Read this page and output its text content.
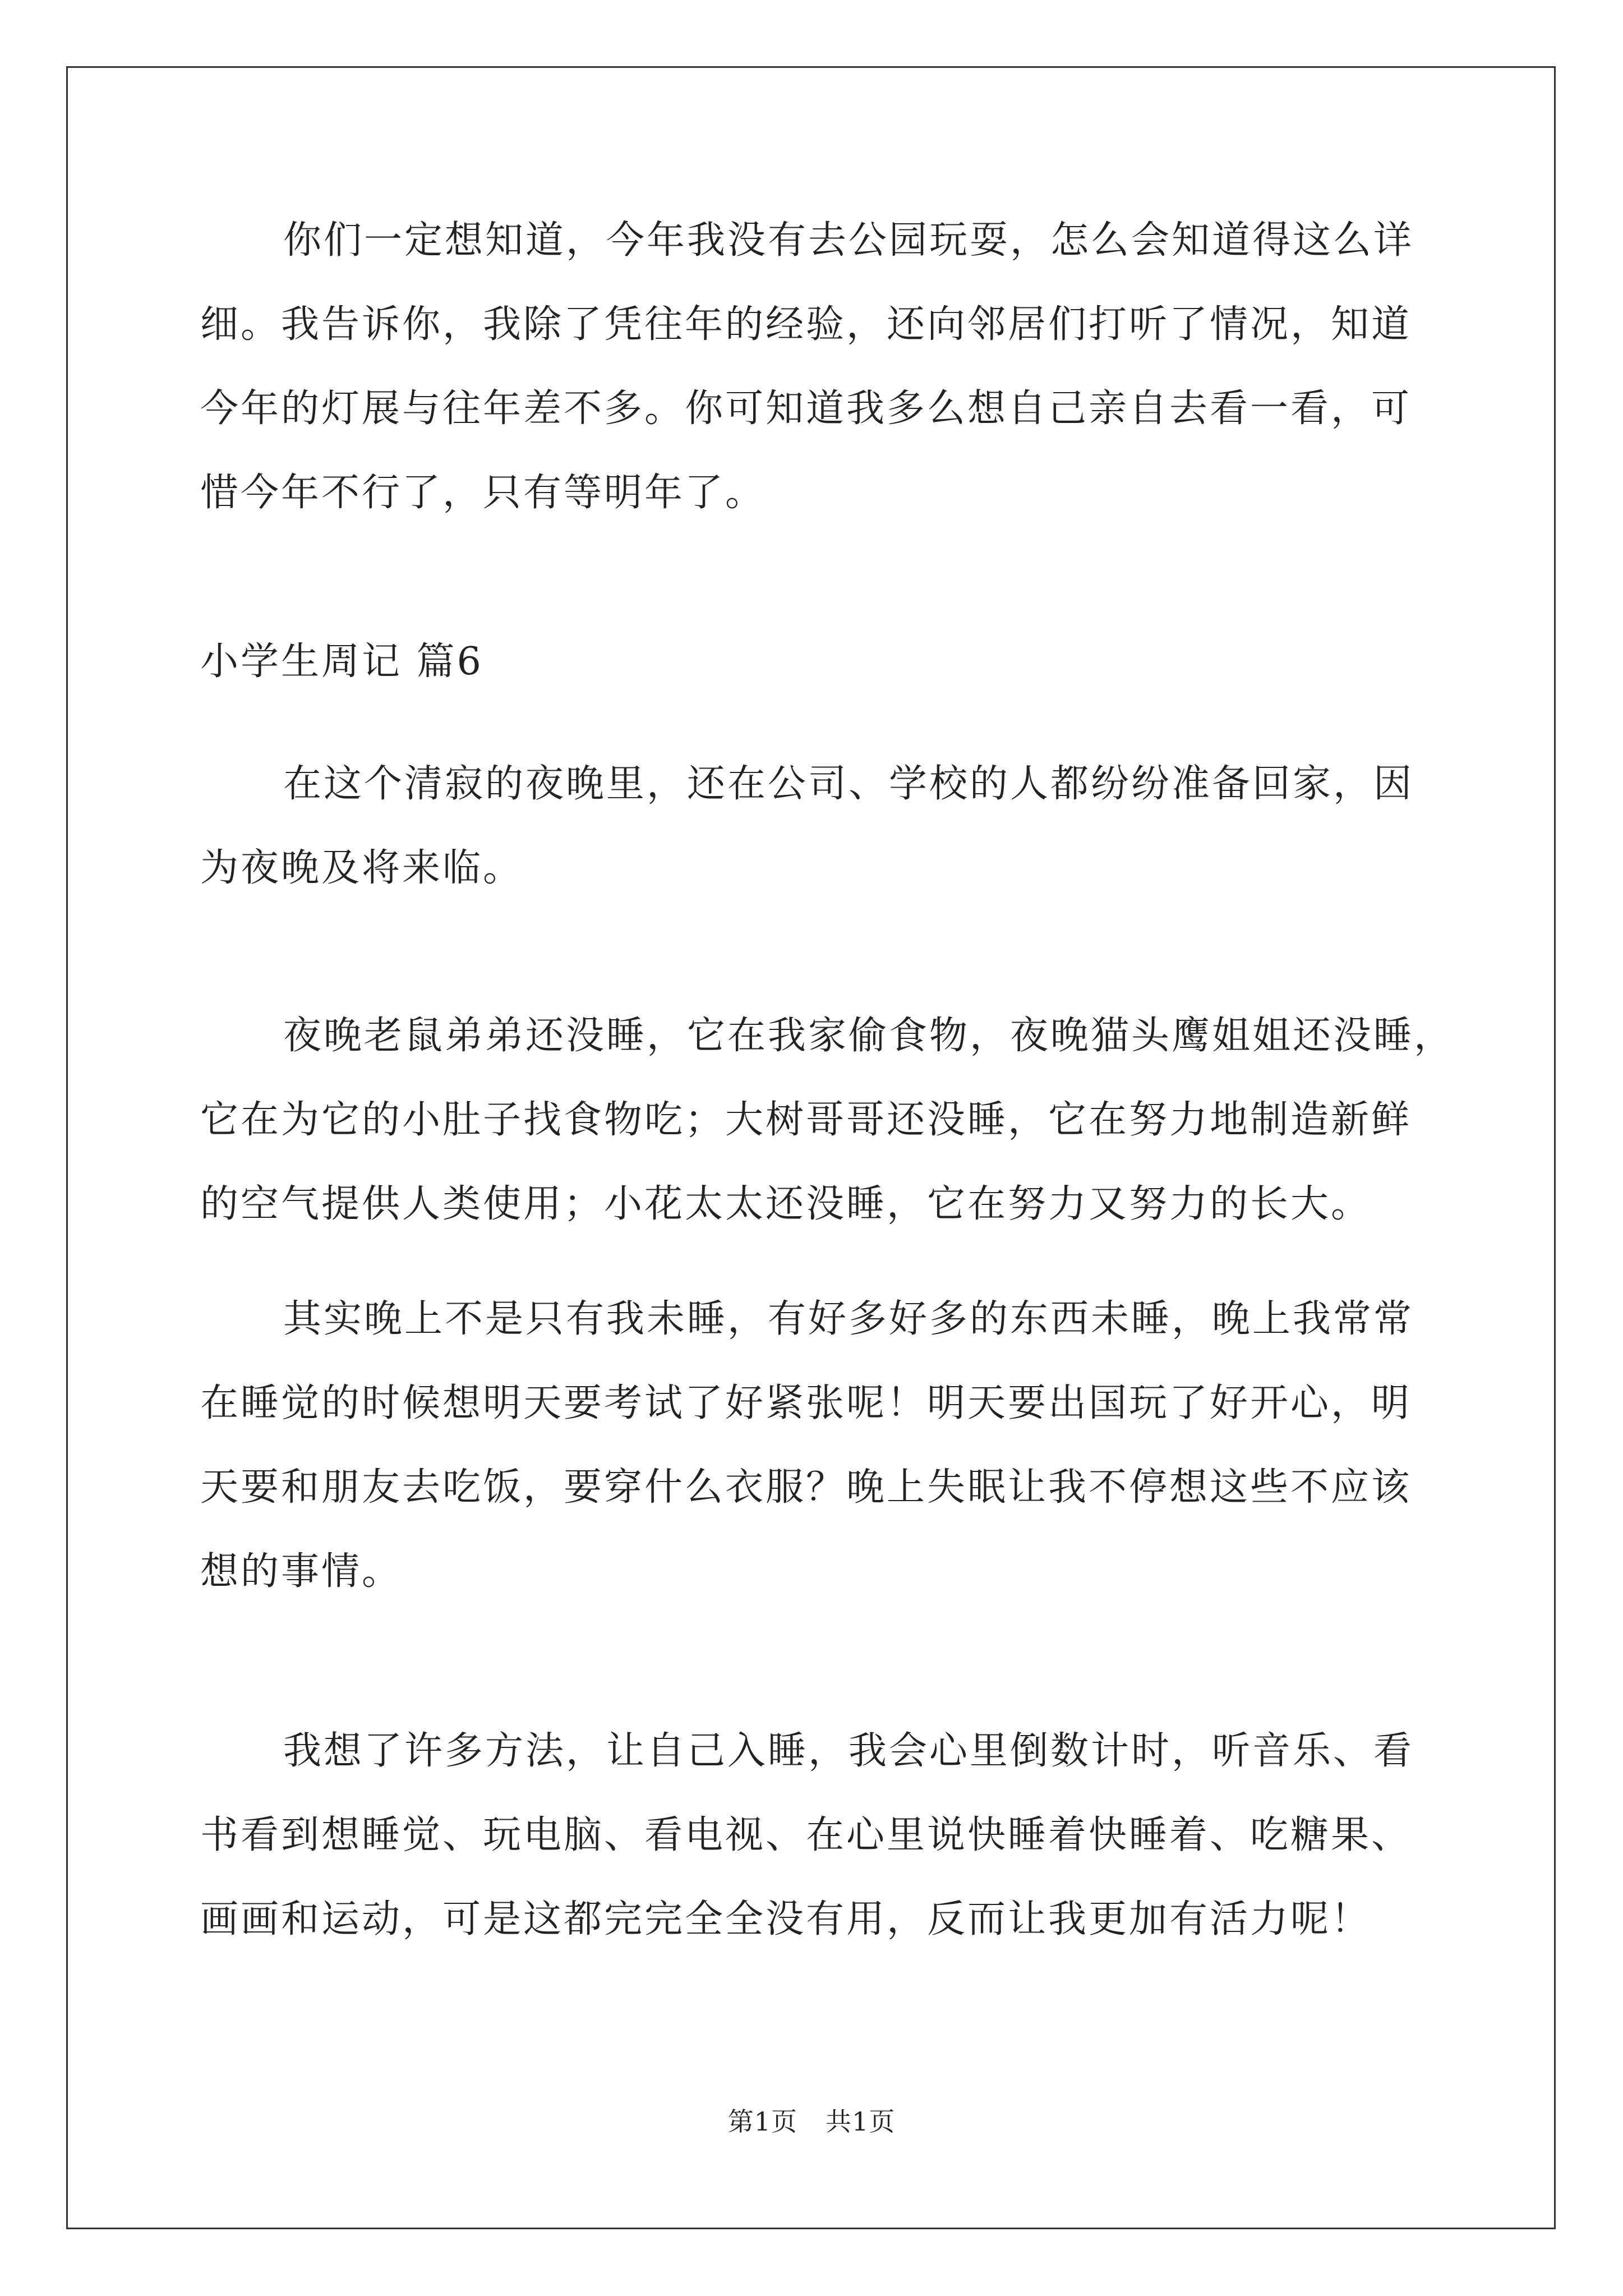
你们一定想知道，今年我没有去公园玩耍，怎么会知道得这么详
细。我告诉你，我除了凭往年的经验，还向邻居们打听了情况，知道
今年的灯展与往年差不多。你可知道我多么想自己亲自去看一看，可
惜今年不行了，只有等明年了。
小学生周记 篇6
在这个清寂的夜晚里，还在公司、学校的人都纷纷准备回家，因
为夜晚及将来临。
夜晚老鼠弟弟还没睡，它在我家偷食物，夜晚猫头鹰姐姐还没睡，
它在为它的小肚子找食物吃；大树哥哥还没睡，它在努力地制造新鲜
的空气提供人类使用；小花太太还没睡，它在努力又努力的长大。
其实晚上不是只有我未睡，有好多好多的东西未睡，晚上我常常
在睡觉的时候想明天要考试了好紧张呢！明天要出国玩了好开心，明
天要和朋友去吃饭，要穿什么衣服？晚上失眠让我不停想这些不应该
想的事情。
我想了许多方法，让自己入睡，我会心里倒数计时，听音乐、看
书看到想睡觉、玩电脑、看电视、在心里说快睡着快睡着、吃糖果、
画画和运动，可是这都完完全全没有用，反而让我更加有活力呢！
第1页 共1页
